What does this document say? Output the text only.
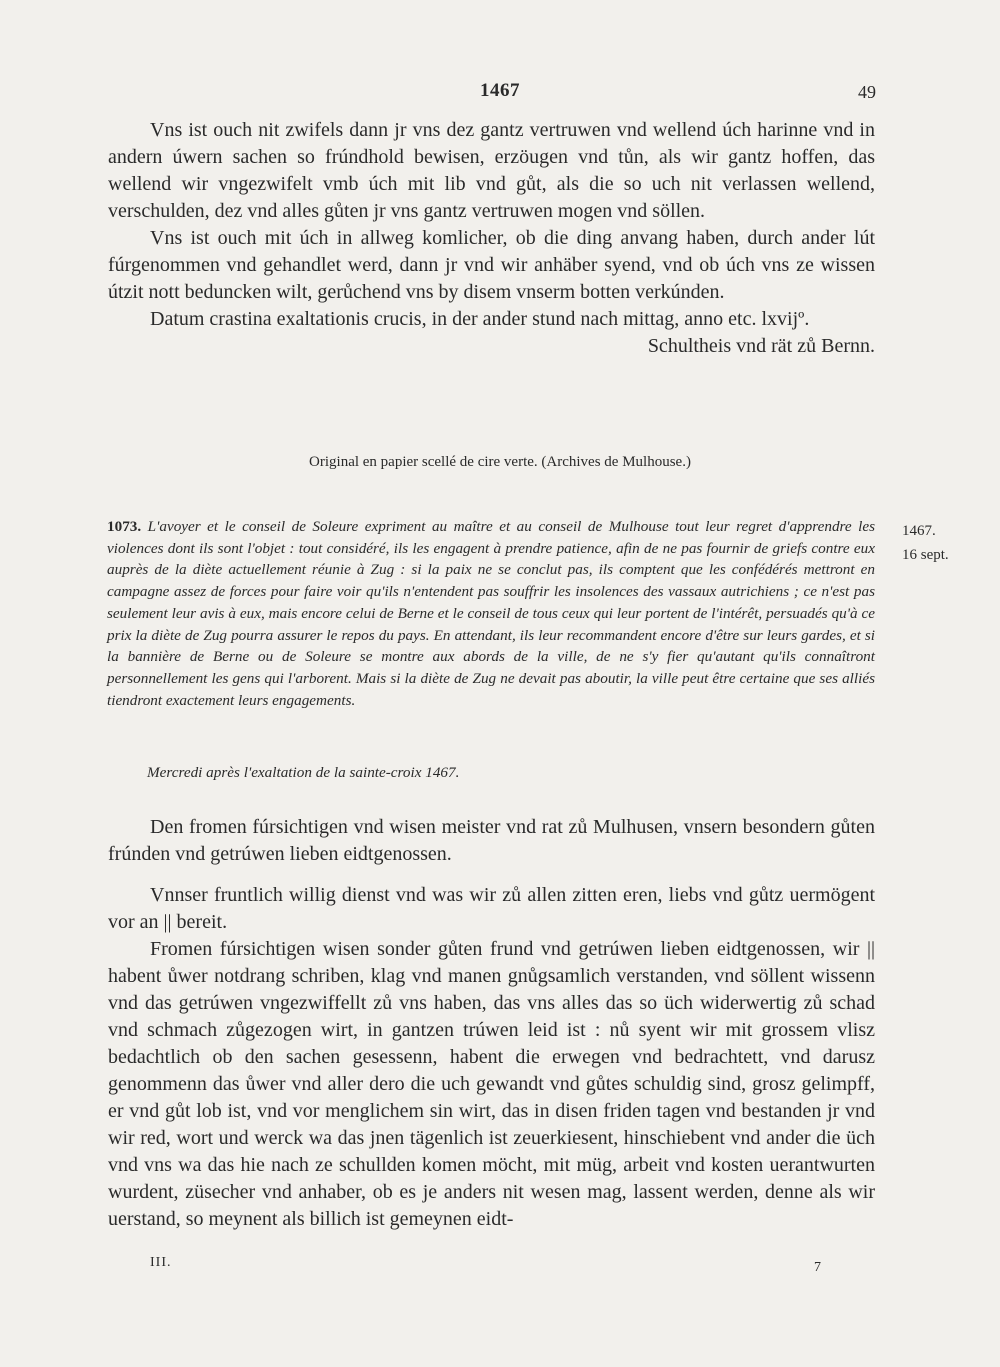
1467	49

Vns ist ouch nit zwifels dann jr vns dez gantz vertruwen vnd wellend úch harinne vnd in andern úwern sachen so frúndhold bewisen, erzöugen vnd tůn, als wir gantz hoffen, das wellend wir vngezwifelt vmb úch mit lib vnd gůt, als die so uch nit verlassen wellend, verschulden, dez vnd alles gůten jr vns gantz vertruwen mogen vnd söllen.

Vns ist ouch mit úch in allweg komlicher, ob die ding anvang haben, durch ander lút fúrgenommen vnd gehandlet werd, dann jr vnd wir anhäber syend, vnd ob úch vns ze wissen útzit nott beduncken wilt, gerůchend vns by disem vnserm botten verkúnden.

Datum crastina exaltationis crucis, in der ander stund nach mittag, anno etc. lxvijº.

Schultheis vnd rät zů Bernn.

Original en papier scellé de cire verte. (Archives de Mulhouse.)
1073. L'avoyer et le conseil de Soleure expriment au maître et au conseil de Mulhouse tout leur regret d'apprendre les violences dont ils sont l'objet : tout considéré, ils les engagent à prendre patience, afin de ne pas fournir de griefs contre eux auprès de la diète actuellement réunie à Zug : si la paix ne se conclut pas, ils comptent que les confédérés mettront en campagne assez de forces pour faire voir qu'ils n'entendent pas souffrir les insolences des vassaux autrichiens ; ce n'est pas seulement leur avis à eux, mais encore celui de Berne et le conseil de tous ceux qui leur portent de l'intérêt, persuadés qu'à ce prix la diète de Zug pourra assurer le repos du pays. En attendant, ils leur recommandent encore d'être sur leurs gardes, et si la bannière de Berne ou de Soleure se montre aux abords de la ville, de ne s'y fier qu'autant qu'ils connaîtront personnellement les gens qui l'arborent. Mais si la diète de Zug ne devait pas aboutir, la ville peut être certaine que ses alliés tiendront exactement leurs engagements.
Mercredi après l'exaltation de la sainte-croix 1467.
1467.
16 sept.

Den fromen fúrsichtigen vnd wisen meister vnd rat zů Mulhusen, vnsern besondern gůten frúnden vnd getrúwen lieben eidtgenossen.

Vnnser fruntlich willig dienst vnd was wir zů allen zitten eren, liebs vnd gůtz uermögent vor an || bereit.

Fromen fúrsichtigen wisen sonder gůten frund vnd getrúwen lieben eidtgenossen, wir || habent ůwer notdrang schriben, klag vnd manen gnůgsamlich verstanden, vnd söllent wissenn vnd das getrúwen vngezwiffellt zů vns haben, das vns alles das so üch widerwertig zů schad vnd schmach zůgezogen wirt, in gantzen trúwen leid ist : nů syent wir mit grossem vlisz bedachtlich ob den sachen gesessenn, habent die erwegen vnd bedrachtett, vnd darusz genommenn das ůwer vnd aller dero die uch gewandt vnd gůtes schuldig sind, grosz gelimpff, er vnd gůt lob ist, vnd vor menglichem sin wirt, das in disen friden tagen vnd bestanden jr vnd wir red, wort und werck wa das jnen tägenlich ist zeuerkiesent, hinschiebent vnd ander die üch vnd vns wa das hie nach ze schullden komen möcht, mit müg, arbeit vnd kosten uerantwurten wurdent, züsecher vnd anhaber, ob es je anders nit wesen mag, lassent werden, denne als wir uerstand, so meynent als billich ist gemeynen eidt-

III.	7
